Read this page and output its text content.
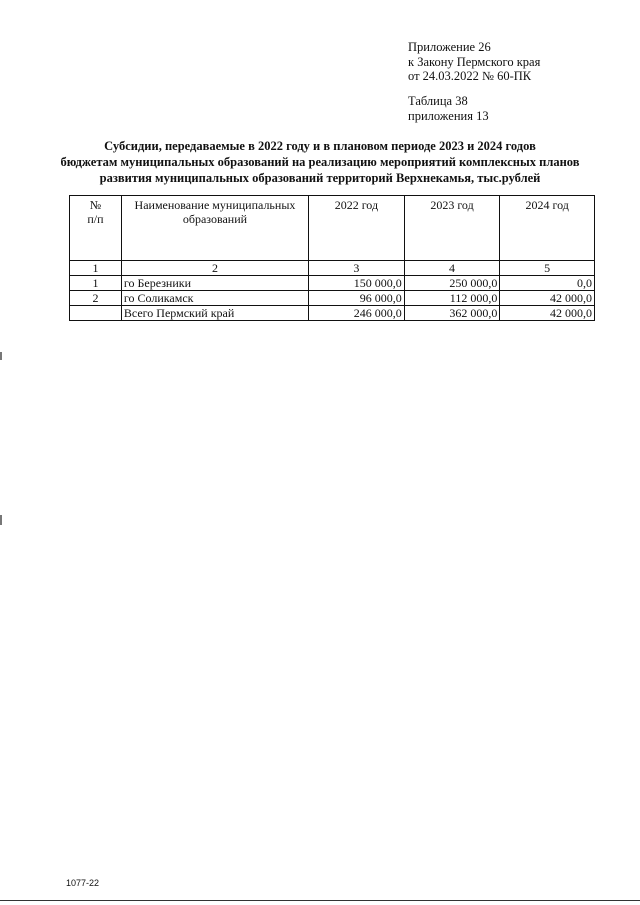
Приложение 26
к Закону Пермского края
от 24.03.2022 № 60-ПК
Таблица 38
приложения 13
Субсидии, передаваемые в 2022 году и в плановом периоде 2023 и 2024 годов
бюджетам муниципальных образований на реализацию мероприятий комплексных планов
развития муниципальных образований территорий Верхнекамья, тыс.рублей
№
п/п	Наименование муниципальных образований	2022 год	2023 год	2024 год
1	2	3	4	5
1	го Березники	150 000,0	250 000,0	0,0
2	го Соликамск	96 000,0	112 000,0	42 000,0
	Всего Пермский край	246 000,0	362 000,0	42 000,0
1077-22
